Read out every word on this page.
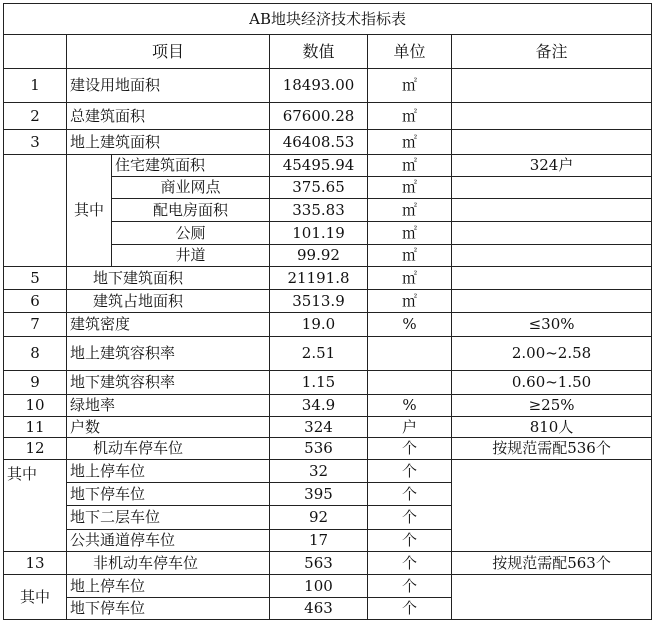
AB地块经济技术指标表					
	项目		数值	单位	备注
1	建设用地面积		18493.00	㎡	
2	总建筑面积		67600.28	㎡	
3	地上建筑面积		46408.53	㎡	
	其中	住宅建筑面积	45495.94	㎡	324户
		商业网点	375.65	㎡	
		配电房面积	335.83	㎡	
		公厕	101.19	㎡	
		井道	99.92	㎡	
5	地下建筑面积		21191.8	㎡	
6	建筑占地面积		3513.9	㎡	
7	建筑密度		19.0	%	≤30%
8	地上建筑容积率		2.51		2.00~2.58
9	地下建筑容积率		1.15		0.60~1.50
10	绿地率		34.9	%	≥25%
11	户数		324	户	810人
12	机动车停车位		536	个	按规范需配536个
其中	地上停车位		32	个	
	地下停车位		395	个	
	地下二层车位		92	个	
	公共通道停车位		17	个	
13	非机动车停车位		563	个	按规范需配563个
其中	地上停车位		100	个	
	地下停车位		463	个	
